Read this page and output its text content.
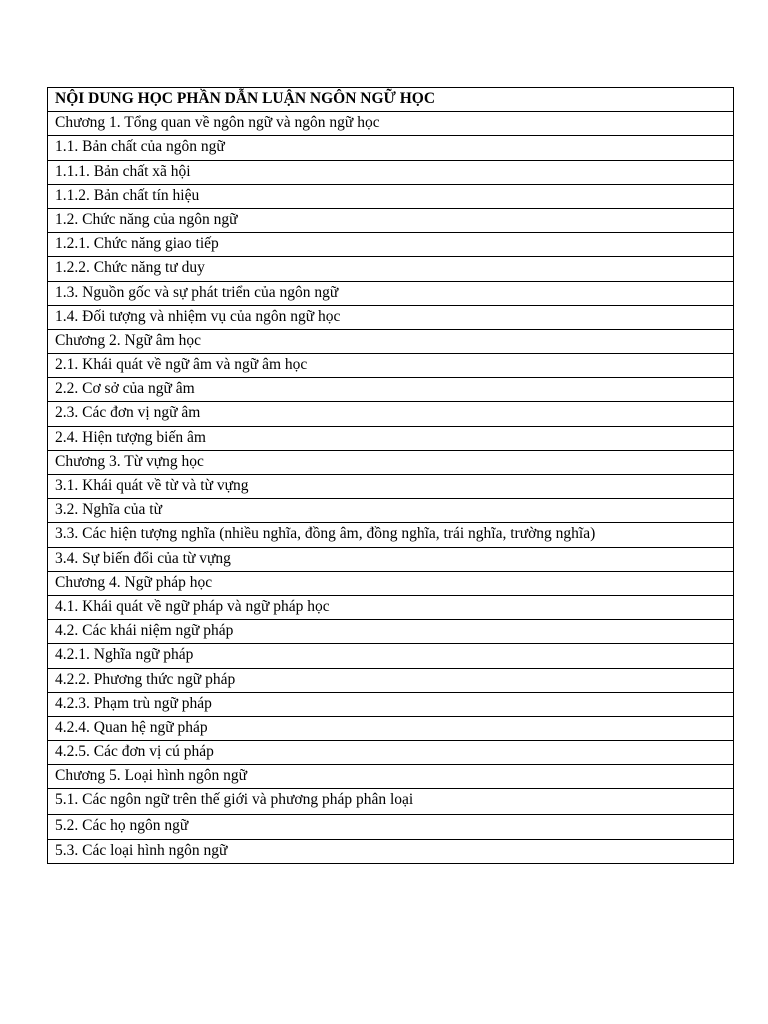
NỘI DUNG HỌC PHẦN DẪN LUẬN NGÔN NGỮ HỌC
Chương 1. Tổng quan về ngôn ngữ và ngôn ngữ học
1.1. Bản chất của ngôn ngữ
1.1.1. Bản chất xã hội
1.1.2. Bản chất tín hiệu
1.2. Chức năng của ngôn ngữ
1.2.1. Chức năng giao tiếp
1.2.2. Chức năng tư duy
1.3. Nguồn gốc và sự phát triển của ngôn ngữ
1.4. Đối tượng và nhiệm vụ của ngôn ngữ học
Chương 2. Ngữ âm học
2.1. Khái quát về ngữ âm và ngữ âm học
2.2. Cơ sở của ngữ âm
2.3. Các đơn vị ngữ âm
2.4. Hiện tượng biến âm
Chương 3. Từ vựng học
3.1. Khái quát về từ và từ vựng
3.2. Nghĩa của từ
3.3. Các hiện tượng nghĩa (nhiều nghĩa, đồng âm, đồng nghĩa, trái nghĩa, trường nghĩa)
3.4. Sự biến đổi của từ vựng
Chương 4. Ngữ pháp học
4.1. Khái quát về ngữ pháp và ngữ pháp học
4.2. Các khái niệm ngữ pháp
4.2.1. Nghĩa ngữ pháp
4.2.2. Phương thức ngữ pháp
4.2.3. Phạm trù ngữ pháp
4.2.4. Quan hệ ngữ pháp
4.2.5. Các đơn vị cú pháp
Chương 5. Loại hình ngôn ngữ
5.1. Các ngôn ngữ trên thế giới và phương pháp phân loại
5.2. Các họ ngôn ngữ
5.3. Các loại hình ngôn ngữ
